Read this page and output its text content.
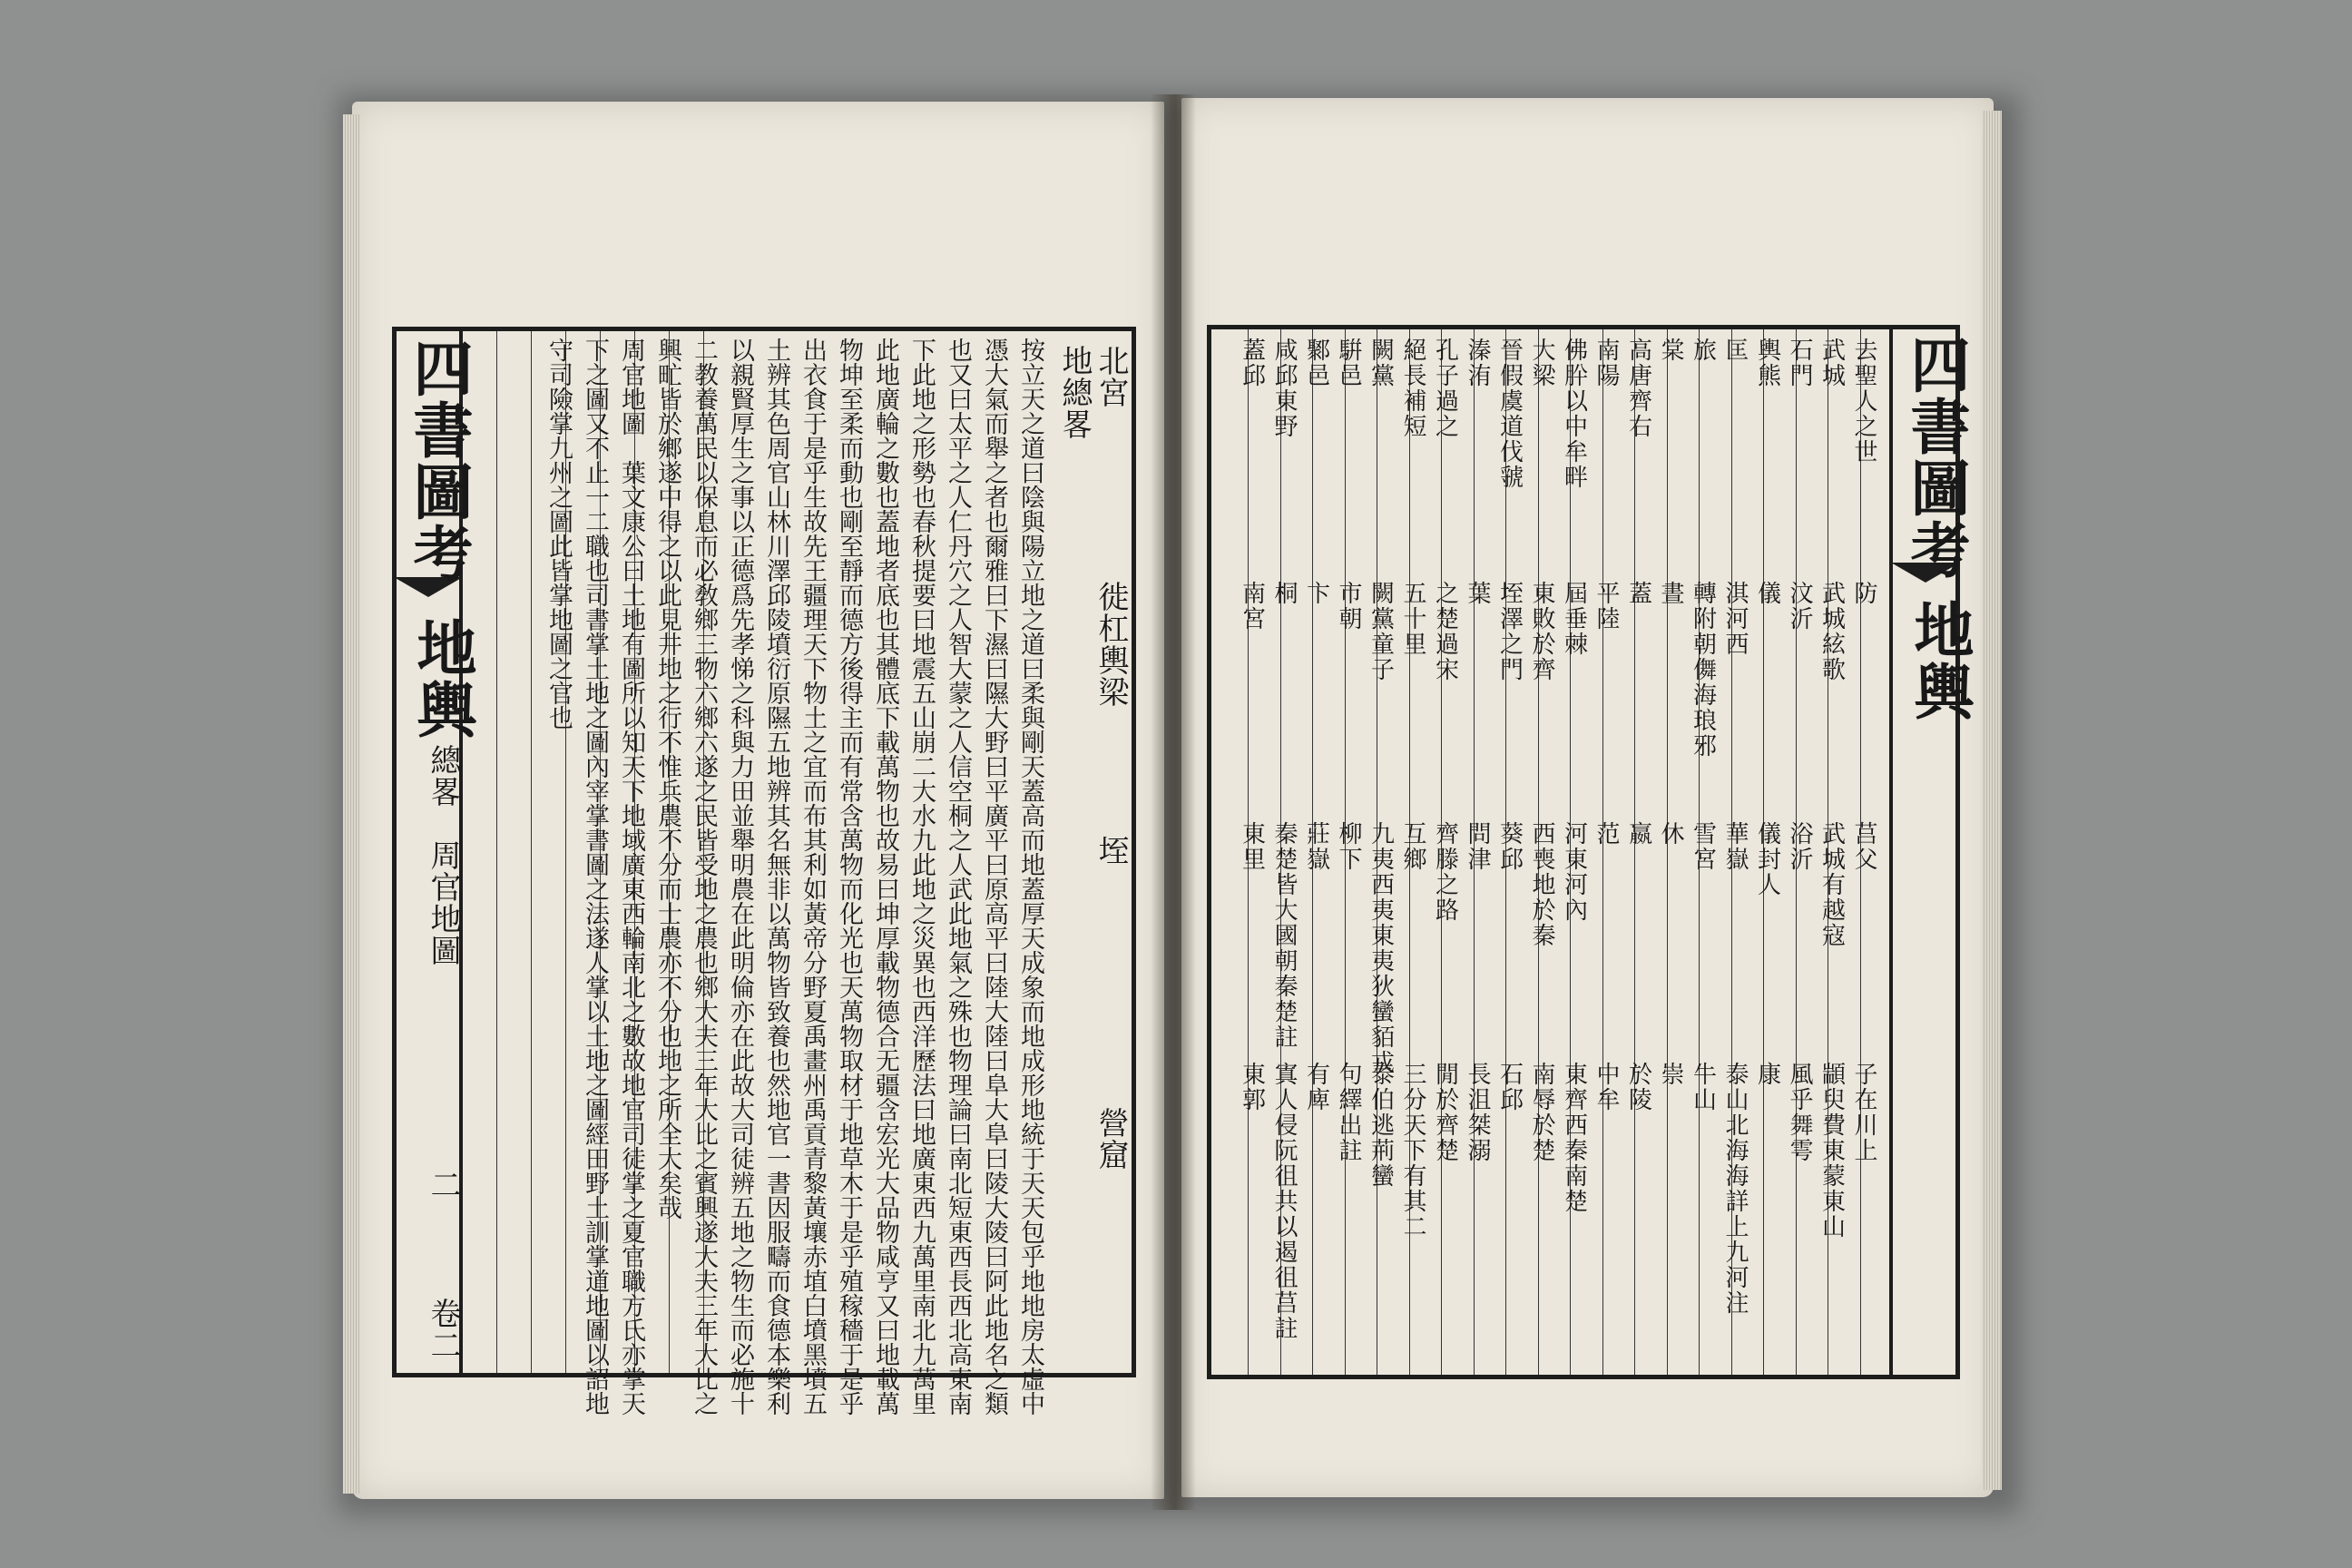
四書圖考
地輿
總畧　周官地圖
二
卷二
北宮
徙杠輿梁
垤
營窟
地總畧
按立天之道曰陰與陽立地之道曰柔與剛天蓋高而地蓋厚天成象而地成形地統于天天包乎地地房太虛中
憑大氣而舉之者也爾雅曰下濕曰隰大野曰平廣平曰原高平曰陸大陸曰阜大阜曰陵大陵曰阿此地名之類
也又曰太平之人仁丹穴之人智大蒙之人信空桐之人武此地氣之殊也物理論曰南北短東西長西北高東南
下此地之形勢也春秋提要曰地震五山崩二大水九此地之災異也西洋歷法曰地廣東西九萬里南北九萬里
此地廣輪之數也蓋地者底也其體底下載萬物也故易曰坤厚載物德合无疆含宏光大品物咸亨又曰地載萬
物坤至柔而動也剛至靜而德方後得主而有常含萬物而化光也天萬物取材于地草木于是乎殖稼穡于是乎
出衣食于是乎生故先王疆理天下物土之宜而布其利如黃帝分野夏禹畫州禹貢青黎黃壤赤埴白墳黑墳五
土辨其色周官山林川澤邱陵墳衍原隰五地辨其名無非以萬物皆致養也然地官一書因服疇而食德本樂利
以親賢厚生之事以正德爲先孝悌之科與力田並舉明農在此明倫亦在此故大司徒辨五地之物生而必施十
二教養萬民以保息而必敎鄉三物六鄉六遂之民皆受地之農也鄉大夫三年大比之賓興遂大夫三年大比之
興甿皆於鄉遂中得之以此見井地之行不惟兵農不分而士農亦不分也地之所全大矣哉
周官地圖　葉文康公曰土地有圖所以知天下地域廣東西輪南北之數故地官司徒掌之夏官職方氏亦掌天
下之圖又不止一二職也司書掌土地之圖內宰掌書圖之法遂人掌以土地之圖經田野土訓掌道地圖以詔地
守司險掌九州之圖此皆掌地圖之官也	四書圖考
地輿
去聖人之世
防
莒父
子在川上
武城
武城絃歌
武城有越寇
顓臾費東蒙東山
石門
汶沂
浴沂
風乎舞雩
輿熊
儀
儀封人
康
匡
淇河西
華嶽
泰山北海海詳上九河注
旅
轉附朝儛海琅邪
雪宮
牛山
棠
晝
休
崇
高唐齊右
蓋
嬴
於陵
南陽
平陸
范
中牟
佛肸以中牟畔
屆垂棘
河東河內
東齊西秦南楚
大梁
東敗於齊
西喪地於秦
南辱於楚
晉假虞道伐虢
垤澤之門
葵邱
石邱
溱洧
葉
問津
長沮桀溺
孔子過之
之楚過宋
齊滕之路
閒於齊楚
絕長補短
五十里
互鄉
三分天下有其二
闕黨
闕黨童子
九夷西夷東夷狄蠻貊戎
泰伯逃荊蠻
騈邑
市朝
柳下
句繹出註
鄹邑
卞
莊嶽
有庳
咸邱東野
桐
秦楚皆大國朝秦楚註
寘人侵阮徂共以遏徂莒註
蓋邱
南宮
東里
東郭
